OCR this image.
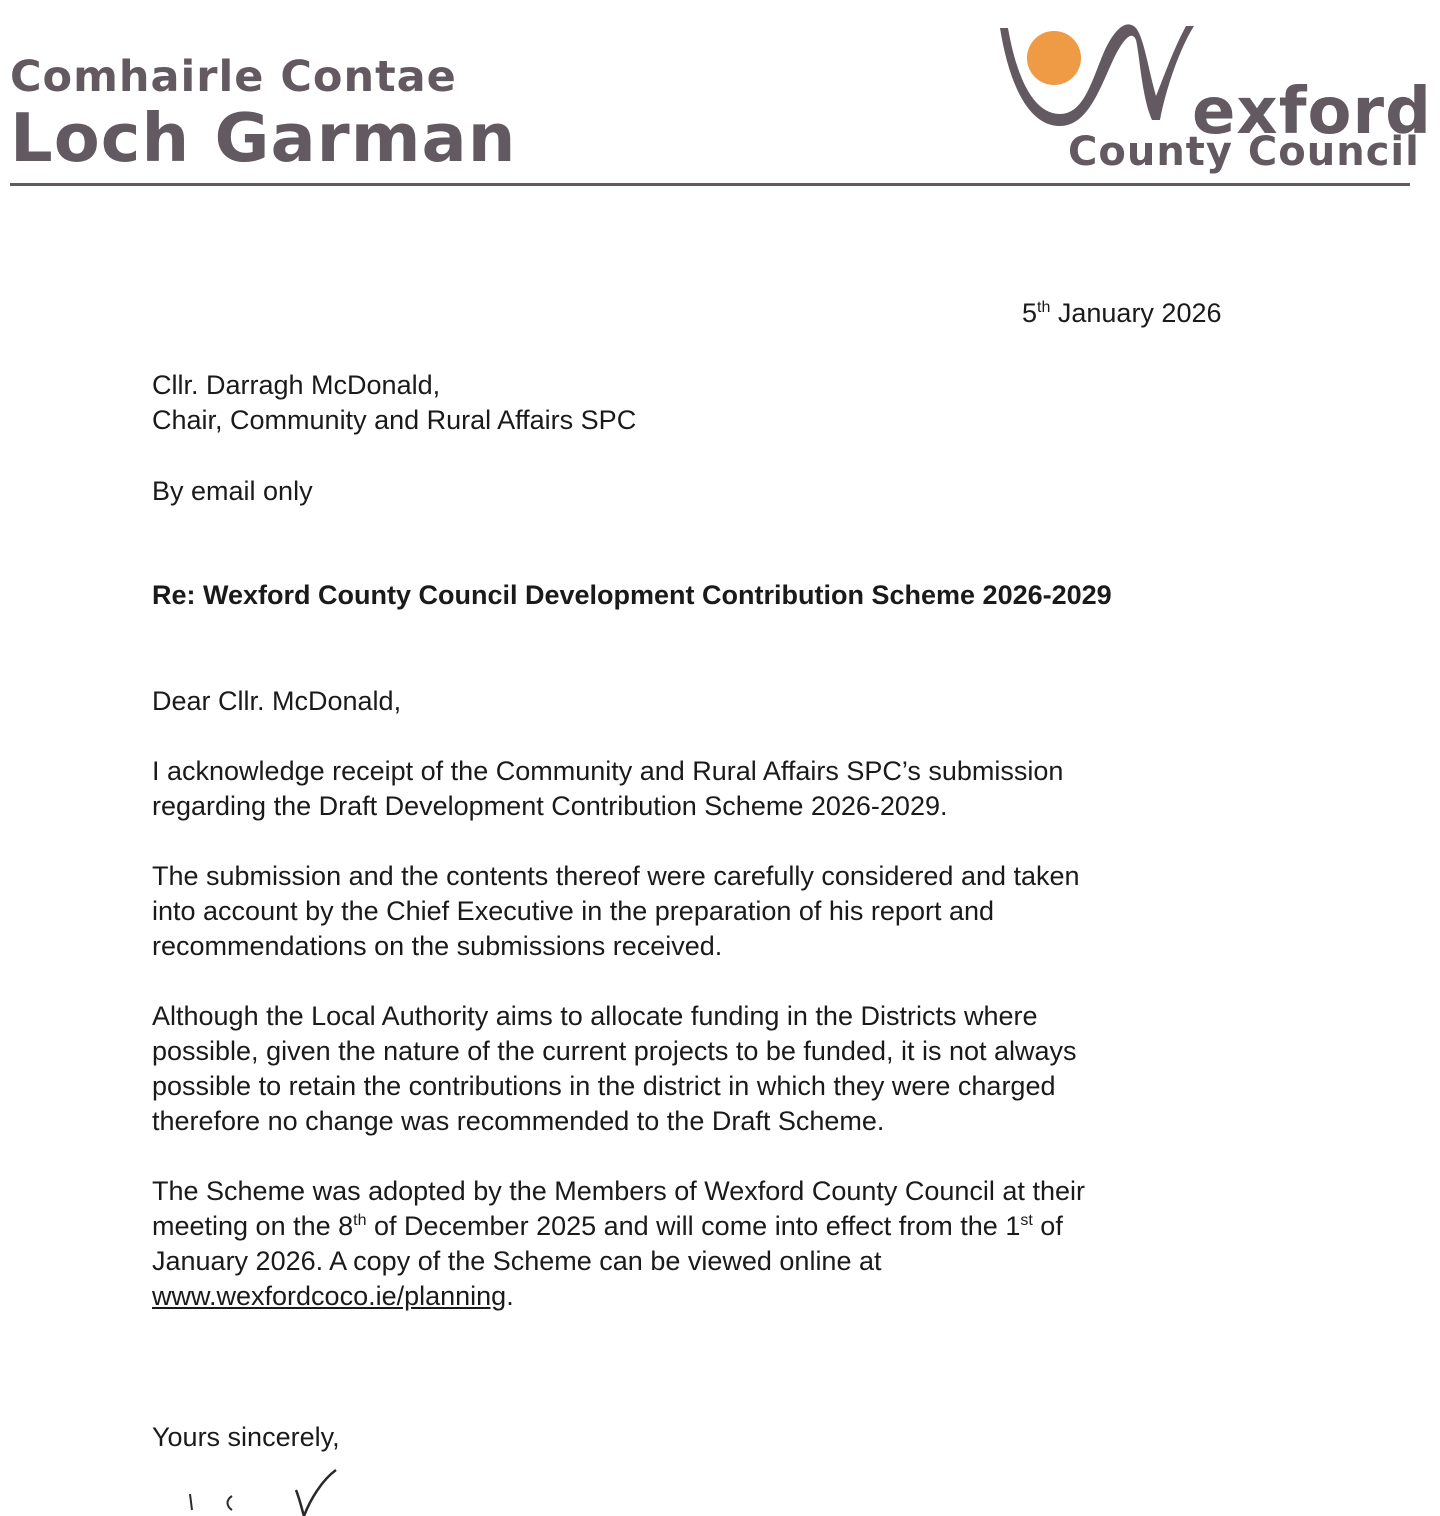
Comhairle Contae
Loch Garman	exford
County Council
5th January 2026
Cllr. Darragh McDonald,
Chair, Community and Rural Affairs SPC
By email only
Re: Wexford County Council Development Contribution Scheme 2026-2029
Dear Cllr. McDonald,
I acknowledge receipt of the Community and Rural Affairs SPC’s submission
regarding the Draft Development Contribution Scheme 2026-2029.
The submission and the contents thereof were carefully considered and taken
into account by the Chief Executive in the preparation of his report and
recommendations on the submissions received.
Although the Local Authority aims to allocate funding in the Districts where
possible, given the nature of the current projects to be funded, it is not always
possible to retain the contributions in the district in which they were charged
therefore no change was recommended to the Draft Scheme.
The Scheme was adopted by the Members of Wexford County Council at their
meeting on the 8th of December 2025 and will come into effect from the 1st of
January 2026. A copy of the Scheme can be viewed online at
www.wexfordcoco.ie/planning.
Yours sincerely,
